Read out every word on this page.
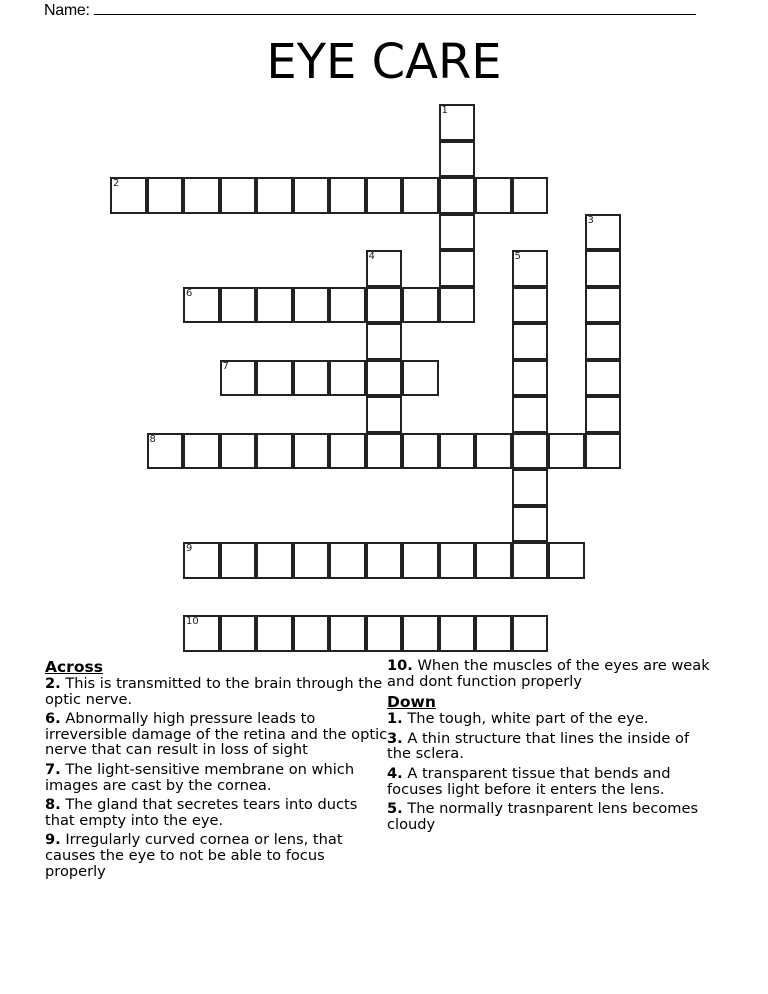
Name:
EYE CARE
1
2
3
4	5
6
7
8
9
10
Across
2. This is transmitted to the brain through the optic nerve.
6. Abnormally high pressure leads to irreversible damage of the retina and the optic nerve that can result in loss of sight
7. The light-sensitive membrane on which images are cast by the cornea.
8. The gland that secretes tears into ducts that empty into the eye.
9. Irregularly curved cornea or lens, that causes the eye to not be able to focus properly
10. When the muscles of the eyes are weak and dont function properly
Down
1. The tough, white part of the eye.
3. A thin structure that lines the inside of the sclera.
4. A transparent tissue that bends and focuses light before it enters the lens.
5. The normally trasnparent lens becomes cloudy
